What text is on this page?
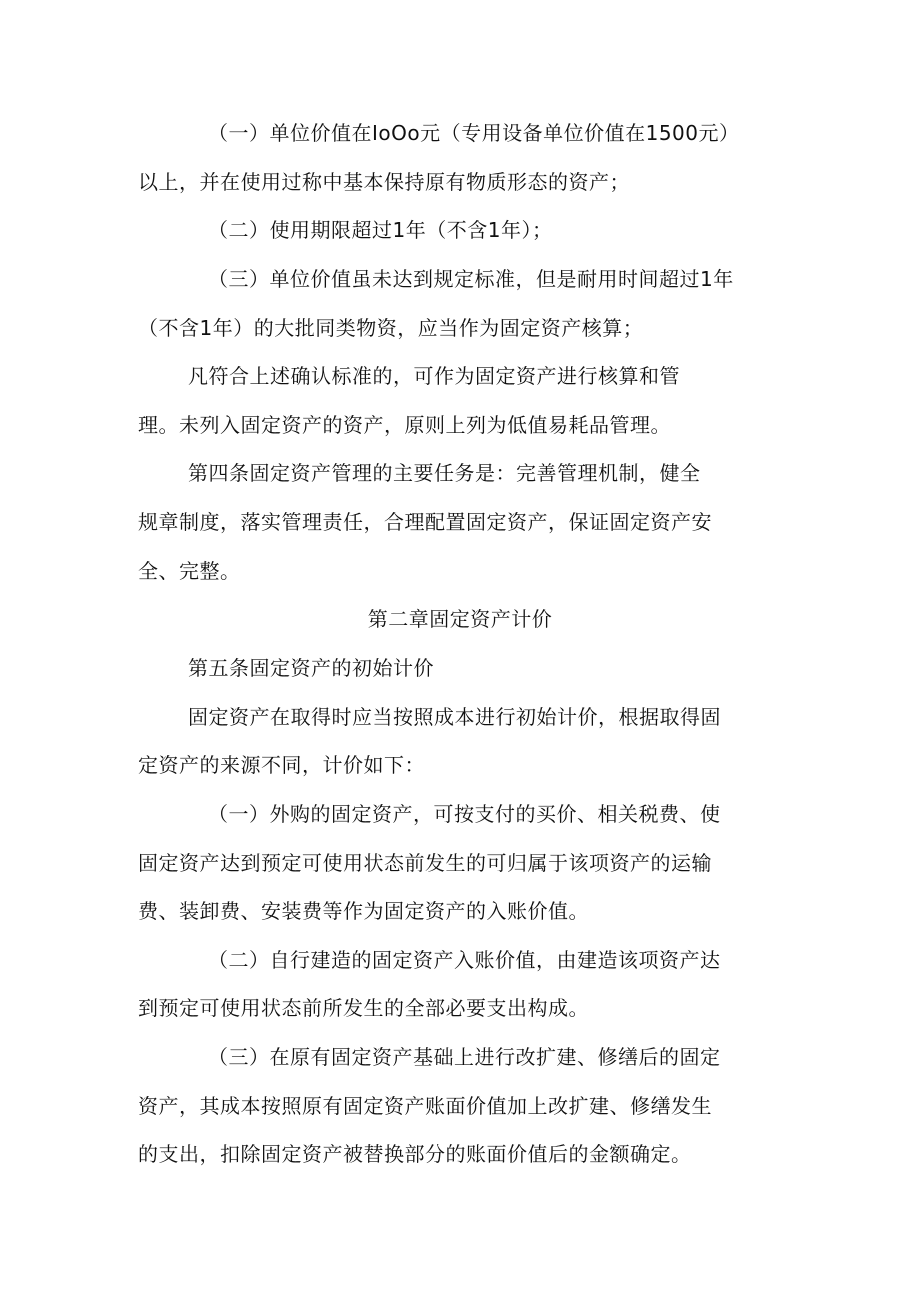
（一）单位价值在IoOo元（专用设备单位价值在1500元）
以上，并在使用过称中基本保持原有物质形态的资产；
（二）使用期限超过1年（不含1年）；
（三）单位价值虽未达到规定标准，但是耐用时间超过1年
（不含1年）的大批同类物资，应当作为固定资产核算；
凡符合上述确认标准的，可作为固定资产进行核算和管
理。未列入固定资产的资产，原则上列为低值易耗品管理。
第四条固定资产管理的主要任务是：完善管理机制，健全
规章制度，落实管理责任，合理配置固定资产，保证固定资产安
全、完整。
第二章固定资产计价
第五条固定资产的初始计价
固定资产在取得时应当按照成本进行初始计价，根据取得固
定资产的来源不同，计价如下：
（一）外购的固定资产，可按支付的买价、相关税费、使
固定资产达到预定可使用状态前发生的可归属于该项资产的运输
费、装卸费、安装费等作为固定资产的入账价值。
（二）自行建造的固定资产入账价值，由建造该项资产达
到预定可使用状态前所发生的全部必要支出构成。
（三）在原有固定资产基础上进行改扩建、修缮后的固定
资产，其成本按照原有固定资产账面价值加上改扩建、修缮发生
的支出，扣除固定资产被替换部分的账面价值后的金额确定。
